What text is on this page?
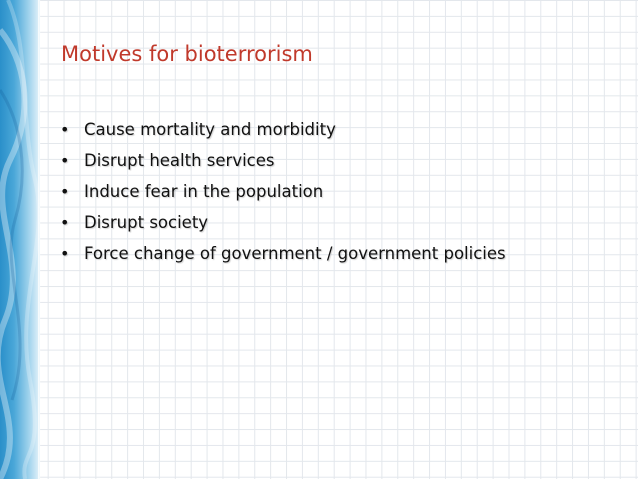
Motives for bioterrorism
• Cause mortality and morbidity
• Disrupt health services
• Induce fear in the population
• Disrupt society
• Force change of government / government policies
